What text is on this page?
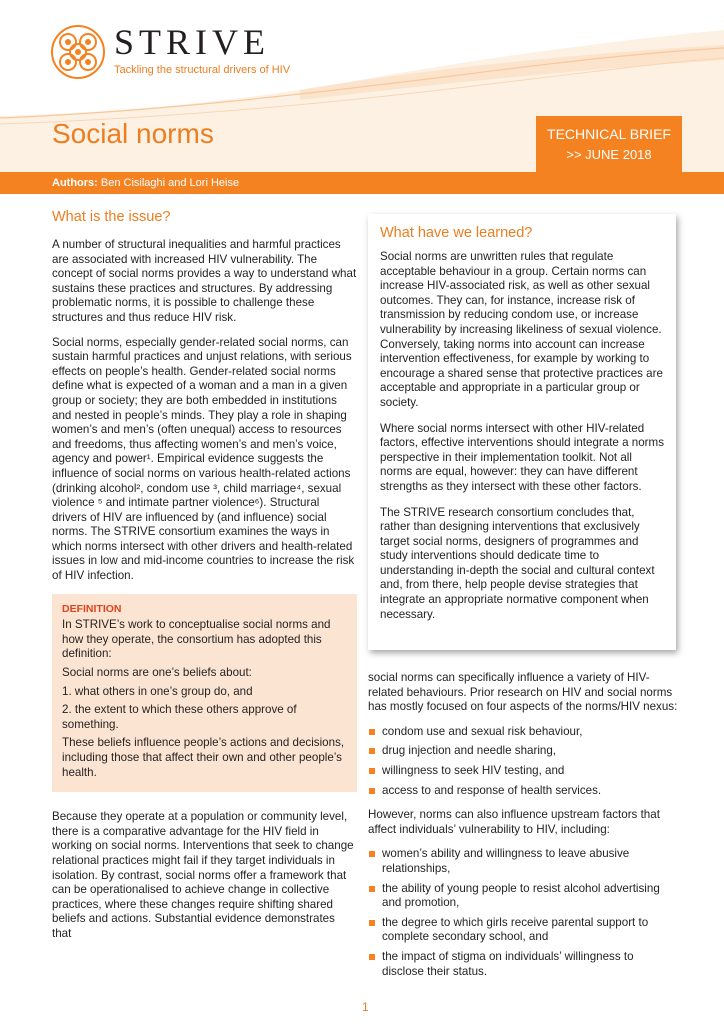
STRIVE
Tackling the structural drivers of HIV
Social norms	TECHNICAL BRIEF
>> JUNE 2018
Authors: Ben Cisilaghi and Lori Heise
What is the issue?

A number of structural inequalities and harmful practices are associated with increased HIV vulnerability. The concept of social norms provides a way to understand what sustains these practices and structures. By addressing problematic norms, it is possible to challenge these structures and thus reduce HIV risk.

Social norms, especially gender-related social norms, can sustain harmful practices and unjust relations, with serious effects on people’s health. Gender-related social norms define what is expected of a woman and a man in a given group or society; they are both embedded in institutions and nested in people’s minds. They play a role in shaping women’s and men’s (often unequal) access to resources and freedoms, thus affecting women’s and men’s voice, agency and power¹. Empirical evidence suggests the influence of social norms on various health-related actions (drinking alcohol², condom use ³, child marriage⁴, sexual violence ⁵ and intimate partner violence⁶). Structural drivers of HIV are influenced by (and influence) social norms. The STRIVE consortium examines the ways in which norms intersect with other drivers and health-related issues in low and mid-income countries to increase the risk of HIV infection.

DEFINITION

In STRIVE’s work to conceptualise social norms and how they operate, the consortium has adopted this definition:

Social norms are one’s beliefs about:

1. what others in one’s group do, and

2. the extent to which these others approve of something.

These beliefs influence people’s actions and decisions, including those that affect their own and other people’s health.

Because they operate at a population or community level, there is a comparative advantage for the HIV field in working on social norms. Interventions that seek to change relational practices might fail if they target individuals in isolation. By contrast, social norms offer a framework that can be operationalised to achieve change in collective practices, where these changes require shifting shared beliefs and actions. Substantial evidence demonstrates that

What have we learned?

Social norms are unwritten rules that regulate acceptable behaviour in a group. Certain norms can increase HIV-associated risk, as well as other sexual outcomes. They can, for instance, increase risk of transmission by reducing condom use, or increase vulnerability by increasing likeliness of sexual violence. Conversely, taking norms into account can increase intervention effectiveness, for example by working to encourage a shared sense that protective practices are acceptable and appropriate in a particular group or society.

Where social norms intersect with other HIV-related factors, effective interventions should integrate a norms perspective in their implementation toolkit. Not all norms are equal, however: they can have different strengths as they intersect with these other factors.

The STRIVE research consortium concludes that, rather than designing interventions that exclusively target social norms, designers of programmes and study interventions should dedicate time to understanding in-depth the social and cultural context and, from there, help people devise strategies that integrate an appropriate normative component when necessary.

social norms can specifically influence a variety of HIV-related behaviours. Prior research on HIV and social norms has mostly focused on four aspects of the norms/HIV nexus:

condom use and sexual risk behaviour,
drug injection and needle sharing,
willingness to seek HIV testing, and
access to and response of health services.

However, norms can also influence upstream factors that affect individuals’ vulnerability to HIV, including:

women’s ability and willingness to leave abusive relationships,
the ability of young people to resist alcohol advertising and promotion,
the degree to which girls receive parental support to complete secondary school, and
the impact of stigma on individuals’ willingness to disclose their status.
1
